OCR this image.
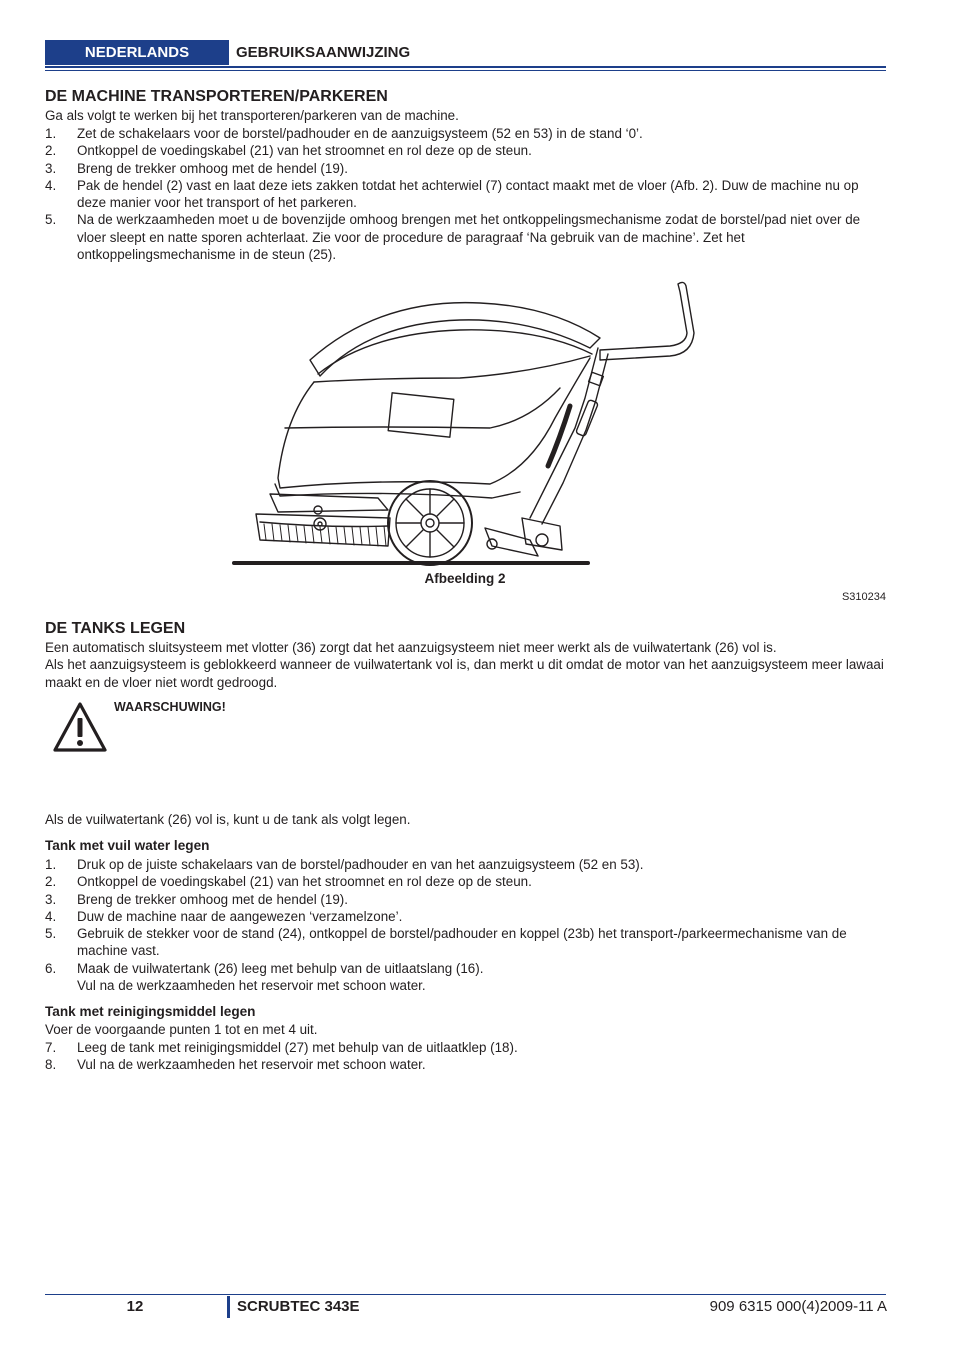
NEDERLANDS	GEBRUIKSAANWIJZING
DE MACHINE TRANSPORTEREN/PARKEREN

Ga als volgt te werken bij het transporteren/parkeren van de machine.

1. Zet de schakelaars voor de borstel/padhouder en de aanzuigsysteem (52 en 53) in de stand ‘0’.
2. Ontkoppel de voedingskabel (21) van het stroomnet en rol deze op de steun.
3. Breng de trekker omhoog met de hendel (19).
4. Pak de hendel (2) vast en laat deze iets zakken totdat het achterwiel (7) contact maakt met de vloer (Afb. 2). Duw de machine nu op deze manier voor het transport of het parkeren.
5. Na de werkzaamheden moet u de bovenzijde omhoog brengen met het ontkoppelingsmechanisme zodat de borstel/pad niet over de vloer sleept en natte sporen achterlaat. Zie voor de procedure de paragraaf ‘Na gebruik van de machine’. Zet het ontkoppelingsmechanisme in de steun (25).
Afbeelding 2
S310234
DE TANKS LEGEN

Een automatisch sluitsysteem met vlotter (36) zorgt dat het aanzuigsysteem niet meer werkt als de vuilwatertank (26) vol is.

Als het aanzuigsysteem is geblokkeerd wanneer de vuilwatertank vol is, dan merkt u dit omdat de motor van het aanzuigsysteem meer lawaai maakt en de vloer niet wordt gedroogd.

WAARSCHUWING!

Als de vuilwatertank (26) vol is, kunt u de tank als volgt legen.

Tank met vuil water legen

1. Druk op de juiste schakelaars van de borstel/padhouder en van het aanzuigsysteem (52 en 53).
2. Ontkoppel de voedingskabel (21) van het stroomnet en rol deze op de steun.
3. Breng de trekker omhoog met de hendel (19).
4. Duw de machine naar de aangewezen ‘verzamelzone’.
5. Gebruik de stekker voor de stand (24), ontkoppel de borstel/padhouder en koppel (23b) het transport-/parkeermechanisme van de machine vast.
6. Maak de vuilwatertank (26) leeg met behulp van de uitlaatslang (16).
Vul na de werkzaamheden het reservoir met schoon water.

Tank met reinigingsmiddel legen

Voer de voorgaande punten 1 tot en met 4 uit.

7. Leeg de tank met reinigingsmiddel (27) met behulp van de uitlaatklep (18).
8. Vul na de werkzaamheden het reservoir met schoon water.
12	SCRUBTEC 343E	909 6315 000(4)2009-11 A
